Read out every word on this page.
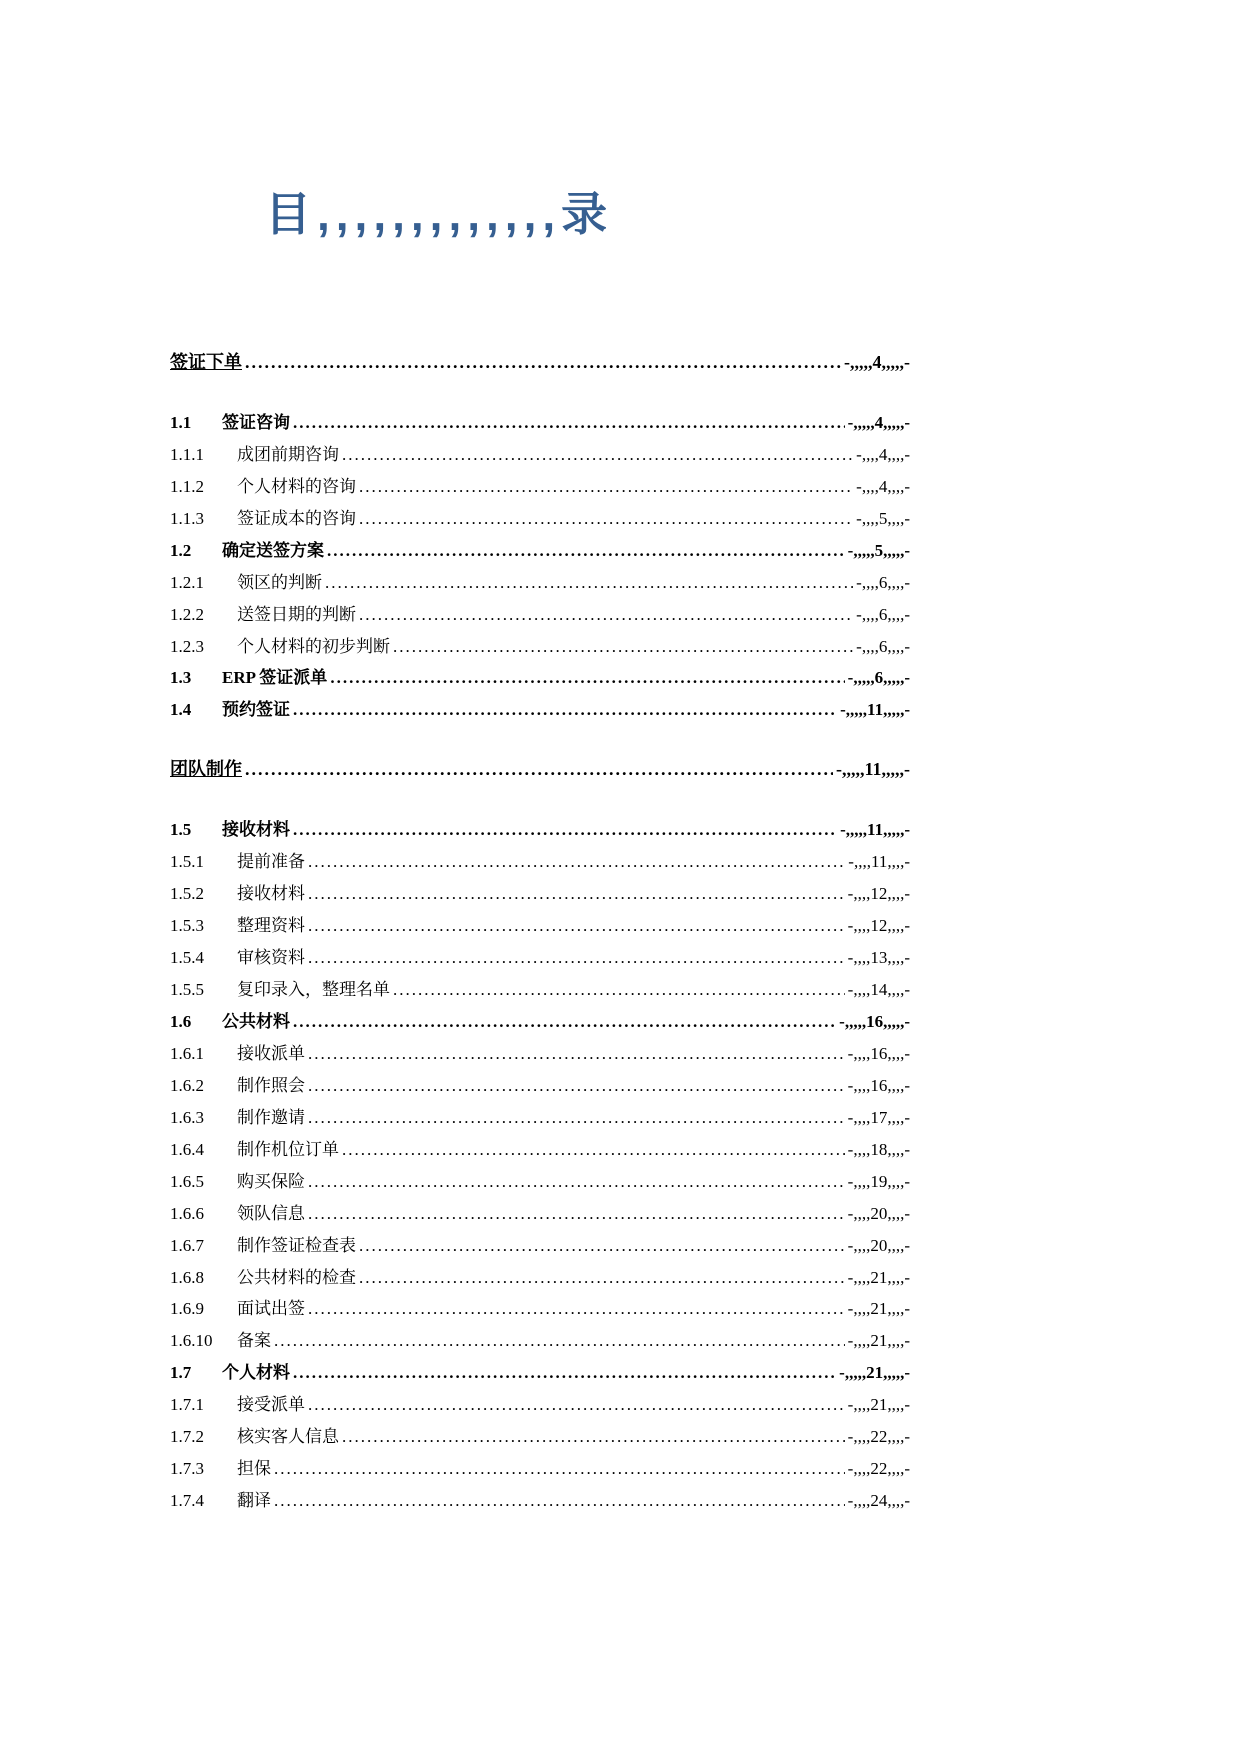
目,,,,,,,,,,,,,录
签证下单 .....	-,,,,,4,,,,,-
1.1	签证咨询 .....	-,,,,,4,,,,,-
1.1.1	成团前期咨询 .....	-,,,,4,,,,-
1.1.2	个人材料的咨询 .....	-,,,,4,,,,-
1.1.3	签证成本的咨询 .....	-,,,,5,,,,-
1.2	确定送签方案 .....	-,,,,,5,,,,,-
1.2.1	领区的判断 .....	-,,,,6,,,,-
1.2.2	送签日期的判断 .....	-,,,,6,,,,-
1.2.3	个人材料的初步判断 .....	-,,,,6,,,,-
1.3	ERP 签证派单 .....	-,,,,,6,,,,,-
1.4	预约签证 .....	-,,,,,11,,,,,-
团队制作 .....	-,,,,,11,,,,,-
1.5	接收材料 .....	-,,,,,11,,,,,-
1.5.1	提前准备 .....	-,,,,11,,,,-
1.5.2	接收材料 .....	-,,,,12,,,,-
1.5.3	整理资料 .....	-,,,,12,,,,-
1.5.4	审核资料 .....	-,,,,13,,,,-
1.5.5	复印录入，整理名单 .....	-,,,,14,,,,-
1.6	公共材料 .....	-,,,,,16,,,,,-
1.6.1	接收派单 .....	-,,,,16,,,,-
1.6.2	制作照会 .....	-,,,,16,,,,-
1.6.3	制作邀请 .....	-,,,,17,,,,-
1.6.4	制作机位订单 .....	-,,,,18,,,,-
1.6.5	购买保险 .....	-,,,,19,,,,-
1.6.6	领队信息 .....	-,,,,20,,,,-
1.6.7	制作签证检查表 .....	-,,,,20,,,,-
1.6.8	公共材料的检查 .....	-,,,,21,,,,-
1.6.9	面试出签 .....	-,,,,21,,,,-
1.6.10	备案 .....	-,,,,21,,,,-
1.7	个人材料 .....	-,,,,,21,,,,,-
1.7.1	接受派单 .....	-,,,,21,,,,-
1.7.2	核实客人信息 .....	-,,,,22,,,,-
1.7.3	担保 .....	-,,,,22,,,,-
1.7.4	翻译 .....	-,,,,24,,,,-
